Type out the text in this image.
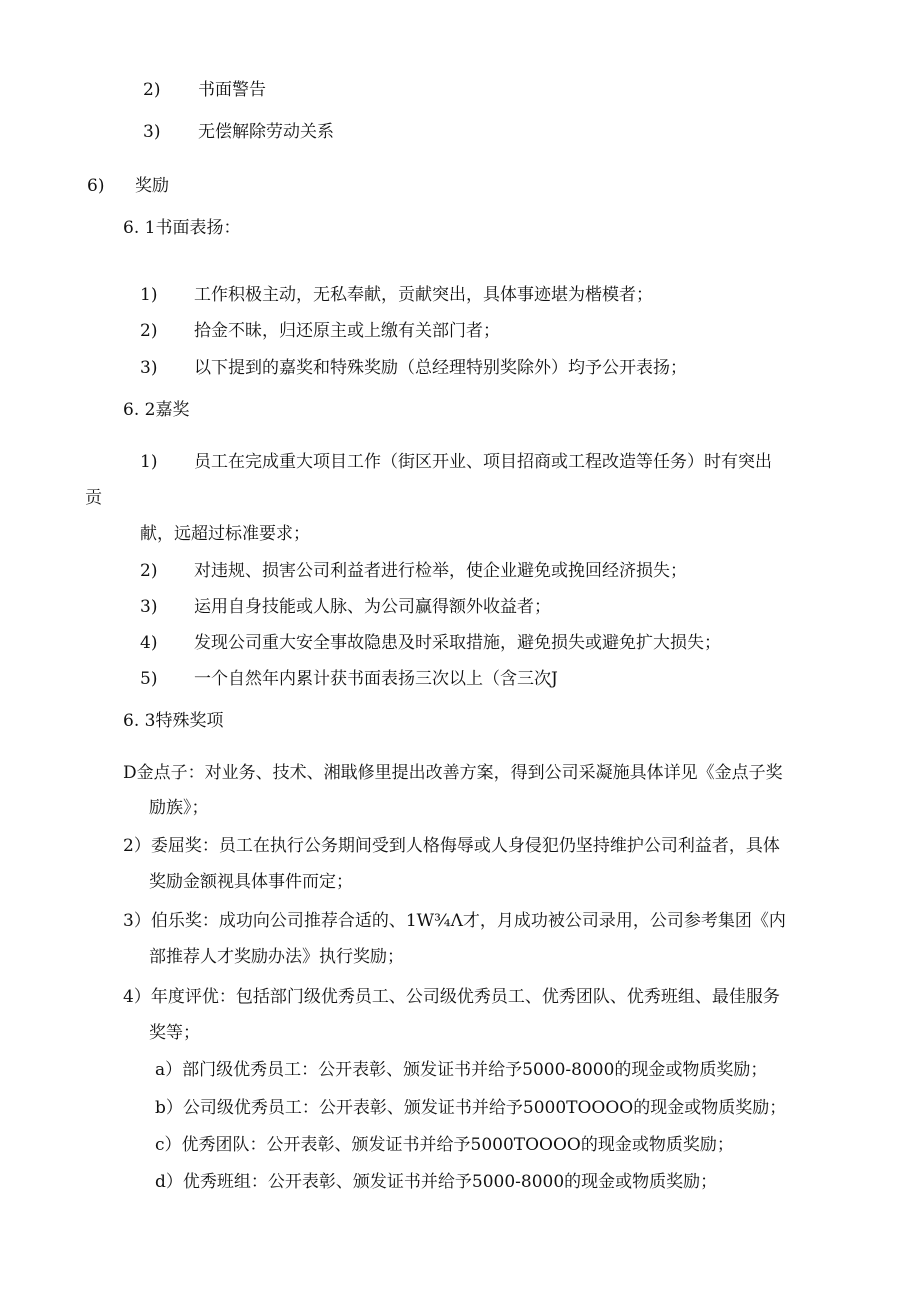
2) 书面警告
3) 无偿解除劳动关系
6) 奖励
6. 1书面表扬：
1) 工作积极主动，无私奉献，贡献突出，具体事迹堪为楷模者；
2) 拾金不昧，归还原主或上缴有关部门者；
3) 以下提到的嘉奖和特殊奖励（总经理特别奖除外）均予公开表扬；
6. 2嘉奖
1) 员工在完成重大项目工作（街区开业、项目招商或工程改造等任务）时有突出
贡
献，远超过标准要求；
2) 对违规、损害公司利益者进行检举，使企业避免或挽回经济损失；
3) 运用自身技能或人脉、为公司赢得额外收益者；
4) 发现公司重大安全事故隐患及时采取措施，避免损失或避免扩大损失；
5) 一个自然年内累计获书面表扬三次以上（含三次J
6. 3特殊奖项
D金点子：对业务、技术、湘戢修里提出改善方案，得到公司采凝施具体详见《金点子奖
励族》；
2）委屈奖：员工在执行公务期间受到人格侮辱或人身侵犯仍坚持维护公司利益者，具体
奖励金额视具体事件而定；
3）伯乐奖：成功向公司推荐合适的、1W¾Λ才，月成功被公司录用，公司参考集团《内
部推荐人才奖励办法》执行奖励；
4）年度评优：包括部门级优秀员工、公司级优秀员工、优秀团队、优秀班组、最佳服务
奖等；
a）部门级优秀员工：公开表彰、颁发证书并给予5000-8000的现金或物质奖励；
b）公司级优秀员工：公开表彰、颁发证书并给予5000TOOOO的现金或物质奖励；
c）优秀团队：公开表彰、颁发证书并给予5000TOOOO的现金或物质奖励；
d）优秀班组：公开表彰、颁发证书并给予5000-8000的现金或物质奖励；
